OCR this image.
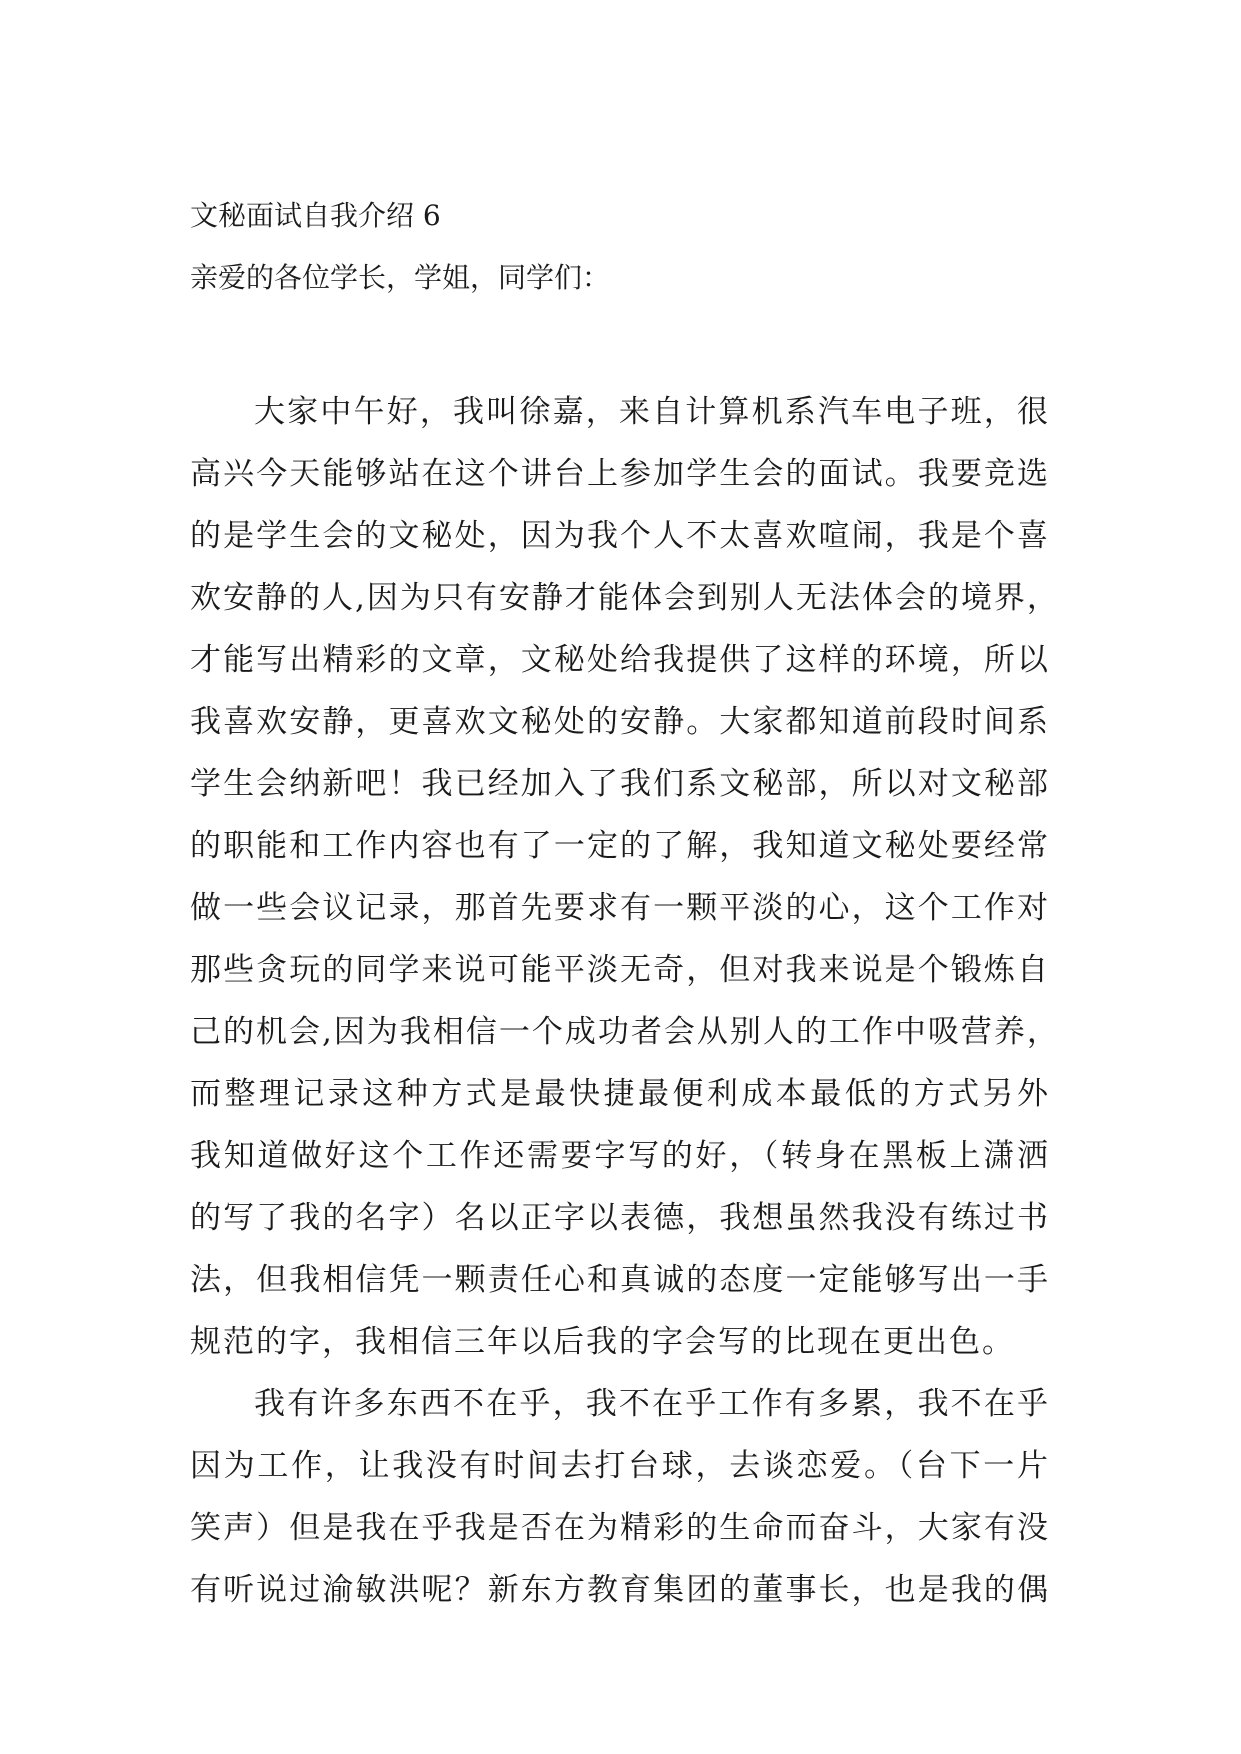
文秘面试自我介绍 6

亲爱的各位学长，学姐，同学们：

大家中午好，我叫徐嘉，来自计算机系汽车电子班，很
高兴今天能够站在这个讲台上参加学生会的面试。我要竞选
的是学生会的文秘处，因为我个人不太喜欢喧闹，我是个喜
欢安静的人,因为只有安静才能体会到别人无法体会的境界，
才能写出精彩的文章，文秘处给我提供了这样的环境，所以
我喜欢安静，更喜欢文秘处的安静。大家都知道前段时间系
学生会纳新吧！我已经加入了我们系文秘部，所以对文秘部
的职能和工作内容也有了一定的了解，我知道文秘处要经常
做一些会议记录，那首先要求有一颗平淡的心，这个工作对
那些贪玩的同学来说可能平淡无奇，但对我来说是个锻炼自
己的机会,因为我相信一个成功者会从别人的工作中吸营养，
而整理记录这种方式是最快捷最便利成本最低的方式另外
我知道做好这个工作还需要字写的好，（转身在黑板上潇洒
的写了我的名字）名以正字以表德，我想虽然我没有练过书
法，但我相信凭一颗责任心和真诚的态度一定能够写出一手
规范的字，我相信三年以后我的字会写的比现在更出色。

我有许多东西不在乎，我不在乎工作有多累，我不在乎
因为工作，让我没有时间去打台球，去谈恋爱。（台下一片
笑声）但是我在乎我是否在为精彩的生命而奋斗，大家有没
有听说过渝敏洪呢？新东方教育集团的董事长，也是我的偶
